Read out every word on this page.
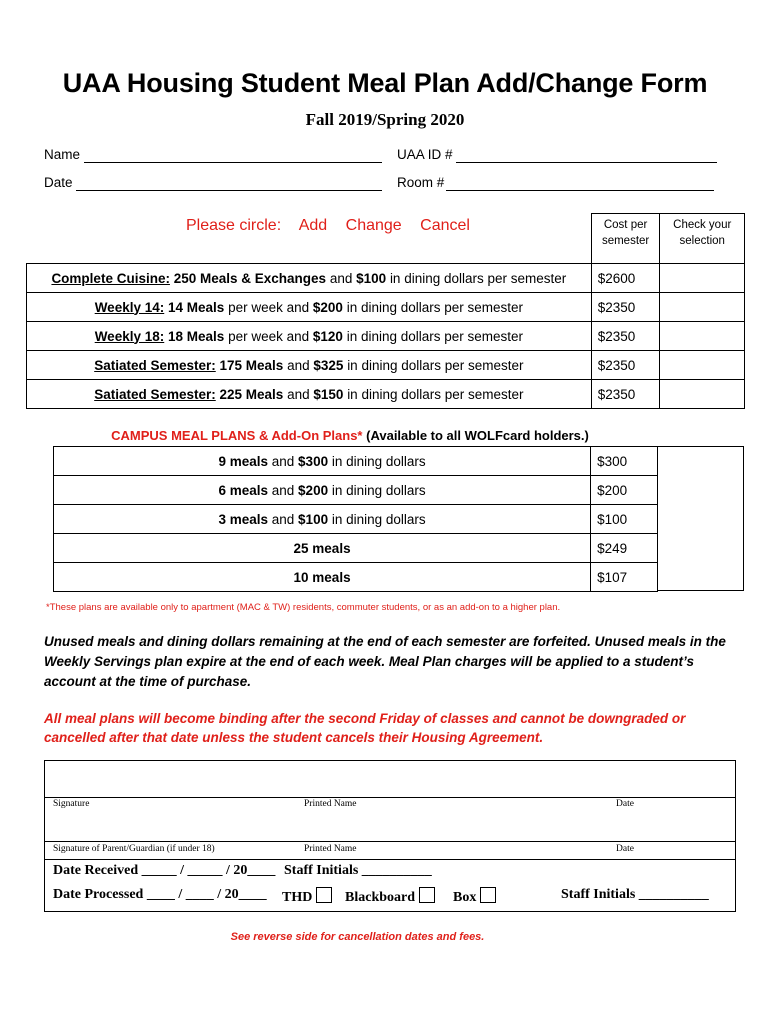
UAA Housing Student Meal Plan Add/Change Form
Fall 2019/Spring 2020
Name	UAA ID #
Date	Room #
	Cost per semester	Check your selection
Complete Cuisine: 250 Meals & Exchanges and $100 in dining dollars per semester	$2600	
Weekly 14: 14 Meals per week and $200 in dining dollars per semester	$2350	
Weekly 18: 18 Meals per week and $120 in dining dollars per semester	$2350	
Satiated Semester: 175 Meals and $325 in dining dollars per semester	$2350	
Satiated Semester: 225 Meals and $150 in dining dollars per semester	$2350	
Please circle: Add Change Cancel
CAMPUS MEAL PLANS & Add-On Plans* (Available to all WOLFcard holders.)
9 meals and $300 in dining dollars	$300
6 meals and $200 in dining dollars	$200
3 meals and $100 in dining dollars	$100
25 meals	$249
10 meals	$107
*These plans are available only to apartment (MAC & TW) residents, commuter students, or as an add-on to a higher plan.
Unused meals and dining dollars remaining at the end of each semester are forfeited. Unused meals in the Weekly Servings plan expire at the end of each week. Meal Plan charges will be applied to a student’s account at the time of purchase.
All meal plans will become binding after the second Friday of classes and cannot be downgraded or cancelled after that date unless the student cancels their Housing Agreement.
Signature	Printed Name	Date
Signature of Parent/Guardian (if under 18)	Printed Name	Date
Date Received _____ / _____ / 20____ Staff Initials __________
Date Processed ____ / ____ / 20____ THD	Blackboard	Box	Staff Initials __________
See reverse side for cancellation dates and fees.
